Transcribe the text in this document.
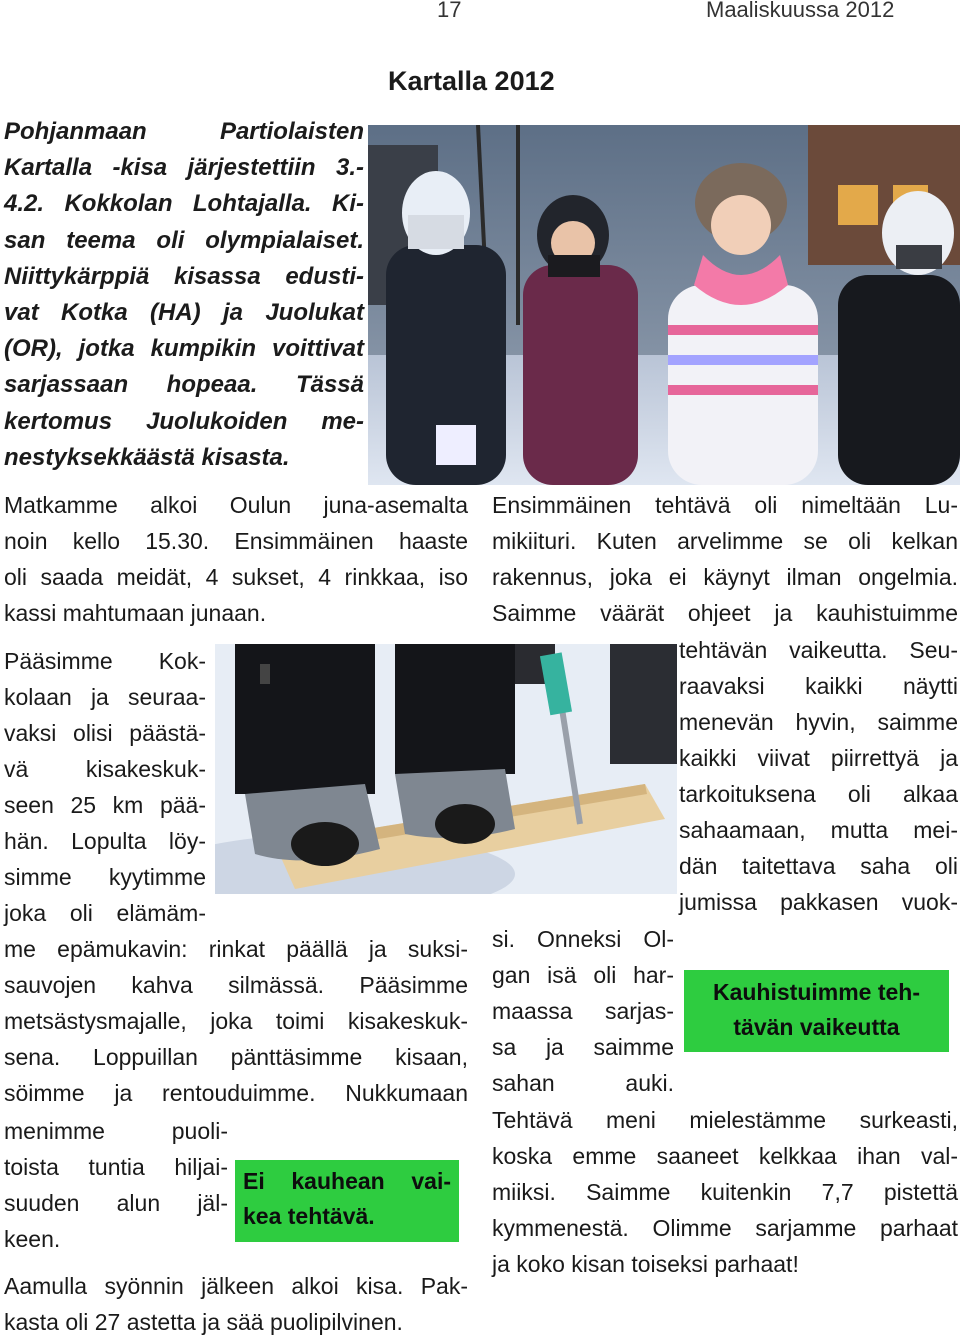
17	Maaliskuussa 2012
Kartalla 2012
Pohjanmaan Partiolaisten
Kartalla -kisa järjestettiin 3.-
4.2. Kokkolan Lohtajalla. Ki-
san teema oli olympialaiset.
Niittykärppiä kisassa edusti-
vat Kotka (HA) ja Juolukat
(OR), jotka kumpikin voittivat
sarjassaan hopeaa. Tässä
kertomus Juolukoiden me-
nestyksekkäästä kisasta.
Matkamme alkoi Oulun juna-asemalta
noin kello 15.30. Ensimmäinen haaste
oli saada meidät, 4 sukset, 4 rinkkaa, iso
kassi mahtumaan junaan.
Pääsimme Kok-
kolaan ja seuraa-
vaksi olisi päästä-
vä kisakeskuk-
seen 25 km pää-
hän. Lopulta löy-
simme kyytimme
joka oli elämäm-
me epämukavin: rinkat päällä ja suksi-
sauvojen kahva silmässä. Pääsimme
metsästysmajalle, joka toimi kisakeskuk-
sena. Loppuillan pänttäsimme kisaan,
söimme ja rentouduimme. Nukkumaan
menimme puoli-
toista tuntia hiljai-
suuden alun jäl-
keen.
Aamulla syönnin jälkeen alkoi kisa. Pak-
kasta oli 27 astetta ja sää puolipilvinen.
Ei kauhean vai-
kea tehtävä.
Ensimmäinen tehtävä oli nimeltään Lu-
mikiituri. Kuten arvelimme se oli kelkan
rakennus, joka ei käynyt ilman ongelmia.
Saimme väärät ohjeet ja kauhistuimme
tehtävän vaikeutta. Seu-
raavaksi kaikki näytti
menevän hyvin, saimme
kaikki viivat piirrettyä ja
tarkoituksena oli alkaa
sahaamaan, mutta mei-
dän taitettava saha oli
jumissa pakkasen vuok-
si. Onneksi Ol-
gan isä oli har-
maassa sarjas-
sa ja saimme
sahan auki.
Tehtävä meni mielestämme surkeasti,
koska emme saaneet kelkkaa ihan val-
miiksi. Saimme kuitenkin 7,7 pistettä
kymmenestä. Olimme sarjamme parhaat
ja koko kisan toiseksi parhaat!
Kauhistuimme teh-
tävän vaikeutta
